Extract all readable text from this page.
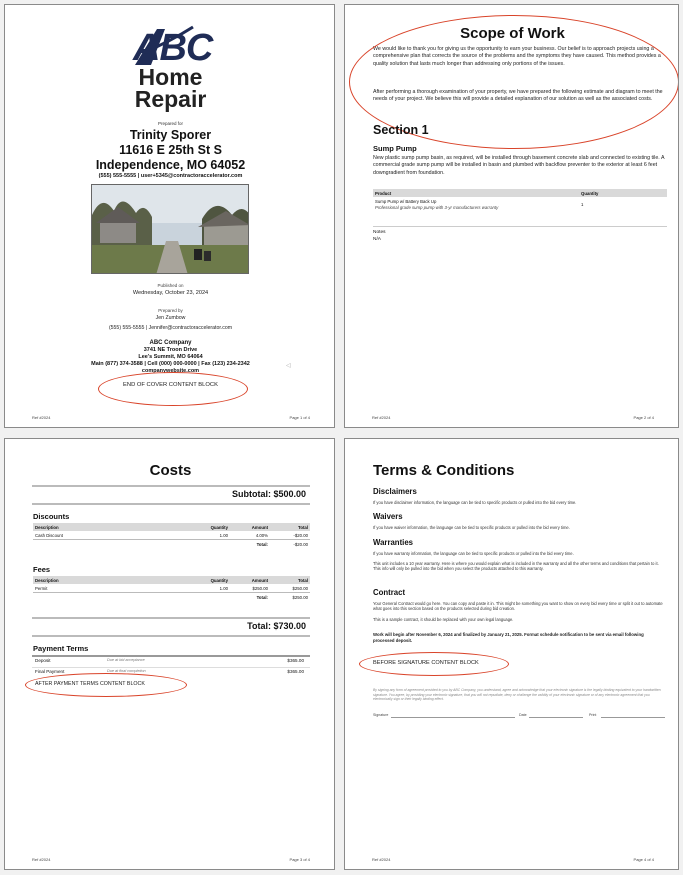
ABC
Home
Repair
Prepared for
Trinity Sporer
11616 E 25th St S
Independence, MO 64052
(555) 555-5555 | user+5345@contractoraccelerator.com
Published on
Wednesday, October 23, 2024
Prepared by
Jen Zumbow
(555) 555-5555 | Jennifer@contractoraccelerator.com
ABC Company
3741 NE Troon Drive
Lee's Summit, MO 64064
Main (877) 374-3588 | Cell (000) 000-0000 | Fax (123) 234-2342
companywebsite.com
◁
END OF COVER CONTENT BLOCK
Ref #2024	Page 1 of 4
Scope of Work
We would like to thank you for giving us the opportunity to earn your business. Our belief is to approach projects using a comprehensive plan that corrects the source of the problems and the symptoms they have caused. This method provides a quality solution that lasts much longer than addressing only portions of the issues.
After performing a thorough examination of your property, we have prepared the following estimate and diagram to meet the needs of your project. We believe this will provide a detailed explanation of our solution as well as the associated costs.
Section 1
Sump Pump
New plastic sump pump basin, as required, will be installed through basement concrete slab and connected to existing tile. A commercial grade sump pump will be installed in basin and plumbed with backflow preventer to the exterior at least 6 feet downgradient from foundation.
Product	Quantity

Sump Pump w/ Battery Back Up
Professional grade sump pump with 3-yr manufacturers warranty	1
Notes
N/A
Ref #2024	Page 2 of 4
Costs
Subtotal: $500.00
Discounts
Description	Quantity	Amount	Total
Cash Discount	1.00	4.00%	-$20.00
		Total:	-$20.00
Fees
Description	Quantity	Amount	Total
Permit	1.00	$250.00	$250.00
		Total:	$250.00
Total: $730.00
Payment Terms
Deposit	Due at bid acceptance	$365.00
Final Payment	Due at final completion	$365.00
AFTER PAYMENT TERMS CONTENT BLOCK
Ref #2024	Page 3 of 4
Terms & Conditions
Disclaimers
If you have disclaimer information, the language can be tied to specific products or pulled into the bid every time.
Waivers
If you have waiver information, the language can be tied to specific products or pulled into the bid every time.
Warranties
If you have warranty information, the language can be tied to specific products or pulled into the bid every time.
This unit includes a 10 year warranty. Here is where you would explain what is included in the warranty and all the other terms and conditions that pertain to it. This info will only be pulled into the bid when you select the products attached to this warranty.
Contract
Your General Contract would go here. You can copy and paste it in. This might be something you want to show on every bid every time or split it out to automate what goes into this section based on the products selected during bid creation.
This is a sample contract, it should be replaced with your own legal language.
Work will begin after November 6, 2024 and finalized by January 21, 2025. Format schedule notification to be sent via email following processed deposit.
BEFORE SIGNATURE CONTENT BLOCK
By signing any form of agreement provided to you by ABC Company, you understand, agree and acknowledge that your electronic signature is the legally binding equivalent to your handwritten signature. You agree, by providing your electronic signature, that you will not repudiate, deny or challenge the validity of your electronic signature or of any electronic agreement that you electronically sign or their legally binding effect.
Signature	Date	Print
Ref #2024	Page 4 of 4
